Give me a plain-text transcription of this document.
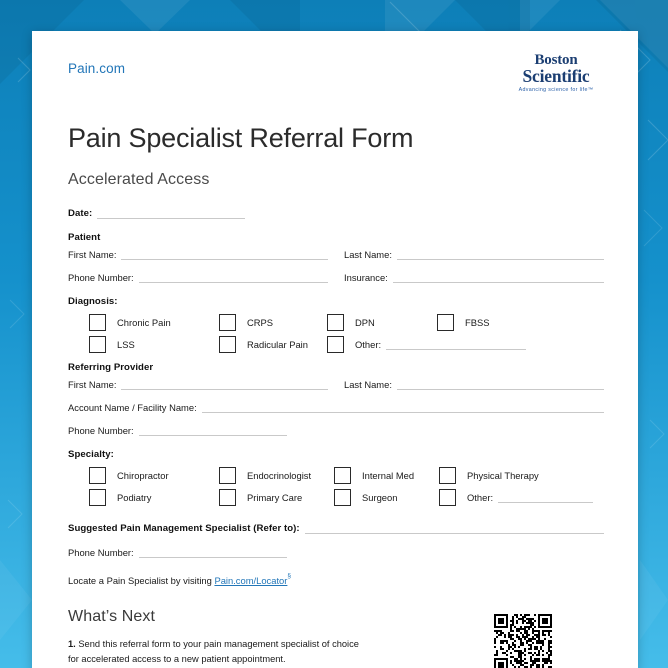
Pain.com
Boston
Scientific
Advancing science for life™
Pain Specialist Referral Form
Accelerated Access
Date:
Patient
First Name:	Last Name:
Phone Number:	Insurance:
Diagnosis:
Chronic Pain	CRPS	DPN	FBSS
LSS	Radicular Pain	Other:
Referring Provider
First Name:	Last Name:
Account Name / Facility Name:
Phone Number:
Specialty:
Chiropractor	Endocrinologist	Internal Med	Physical Therapy
Podiatry	Primary Care	Surgeon	Other:
Suggested Pain Management Specialist (Refer to):
Phone Number:
Locate a Pain Specialist by visiting Pain.com/Locator§
What’s Next

1. Send this referral form to your pain management specialist of choice for accelerated access to a new patient appointment.
